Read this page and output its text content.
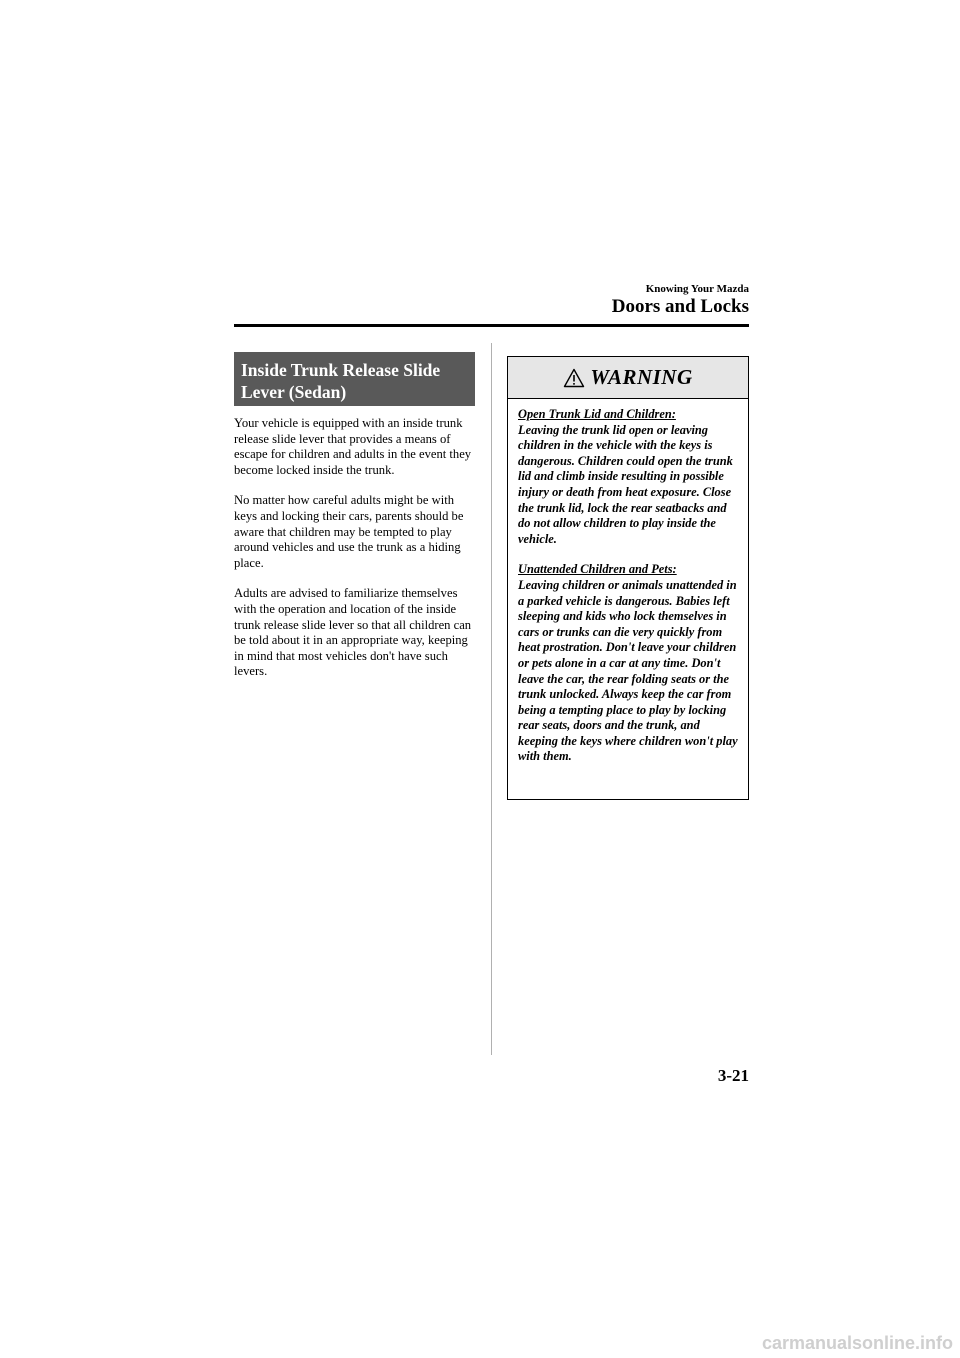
Knowing Your Mazda
Doors and Locks
Inside Trunk Release Slide Lever (Sedan)

Your vehicle is equipped with an inside trunk release slide lever that provides a means of escape for children and adults in the event they become locked inside the trunk.

No matter how careful adults might be with keys and locking their cars, parents should be aware that children may be tempted to play around vehicles and use the trunk as a hiding place.

Adults are advised to familiarize themselves with the operation and location of the inside trunk release slide lever so that all children can be told about it in an appropriate way, keeping in mind that most vehicles don't have such levers.

WARNING

Open Trunk Lid and Children:
Leaving the trunk lid open or leaving children in the vehicle with the keys is dangerous. Children could open the trunk lid and climb inside resulting in possible injury or death from heat exposure. Close the trunk lid, lock the rear seatbacks and do not allow children to play inside the vehicle.

Unattended Children and Pets:
Leaving children or animals unattended in a parked vehicle is dangerous. Babies left sleeping and kids who lock themselves in cars or trunks can die very quickly from heat prostration. Don't leave your children or pets alone in a car at any time. Don't leave the car, the rear folding seats or the trunk unlocked. Always keep the car from being a tempting place to play by locking rear seats, doors and the trunk, and keeping the keys where children won't play with them.

3-21
carmanualsonline.info
